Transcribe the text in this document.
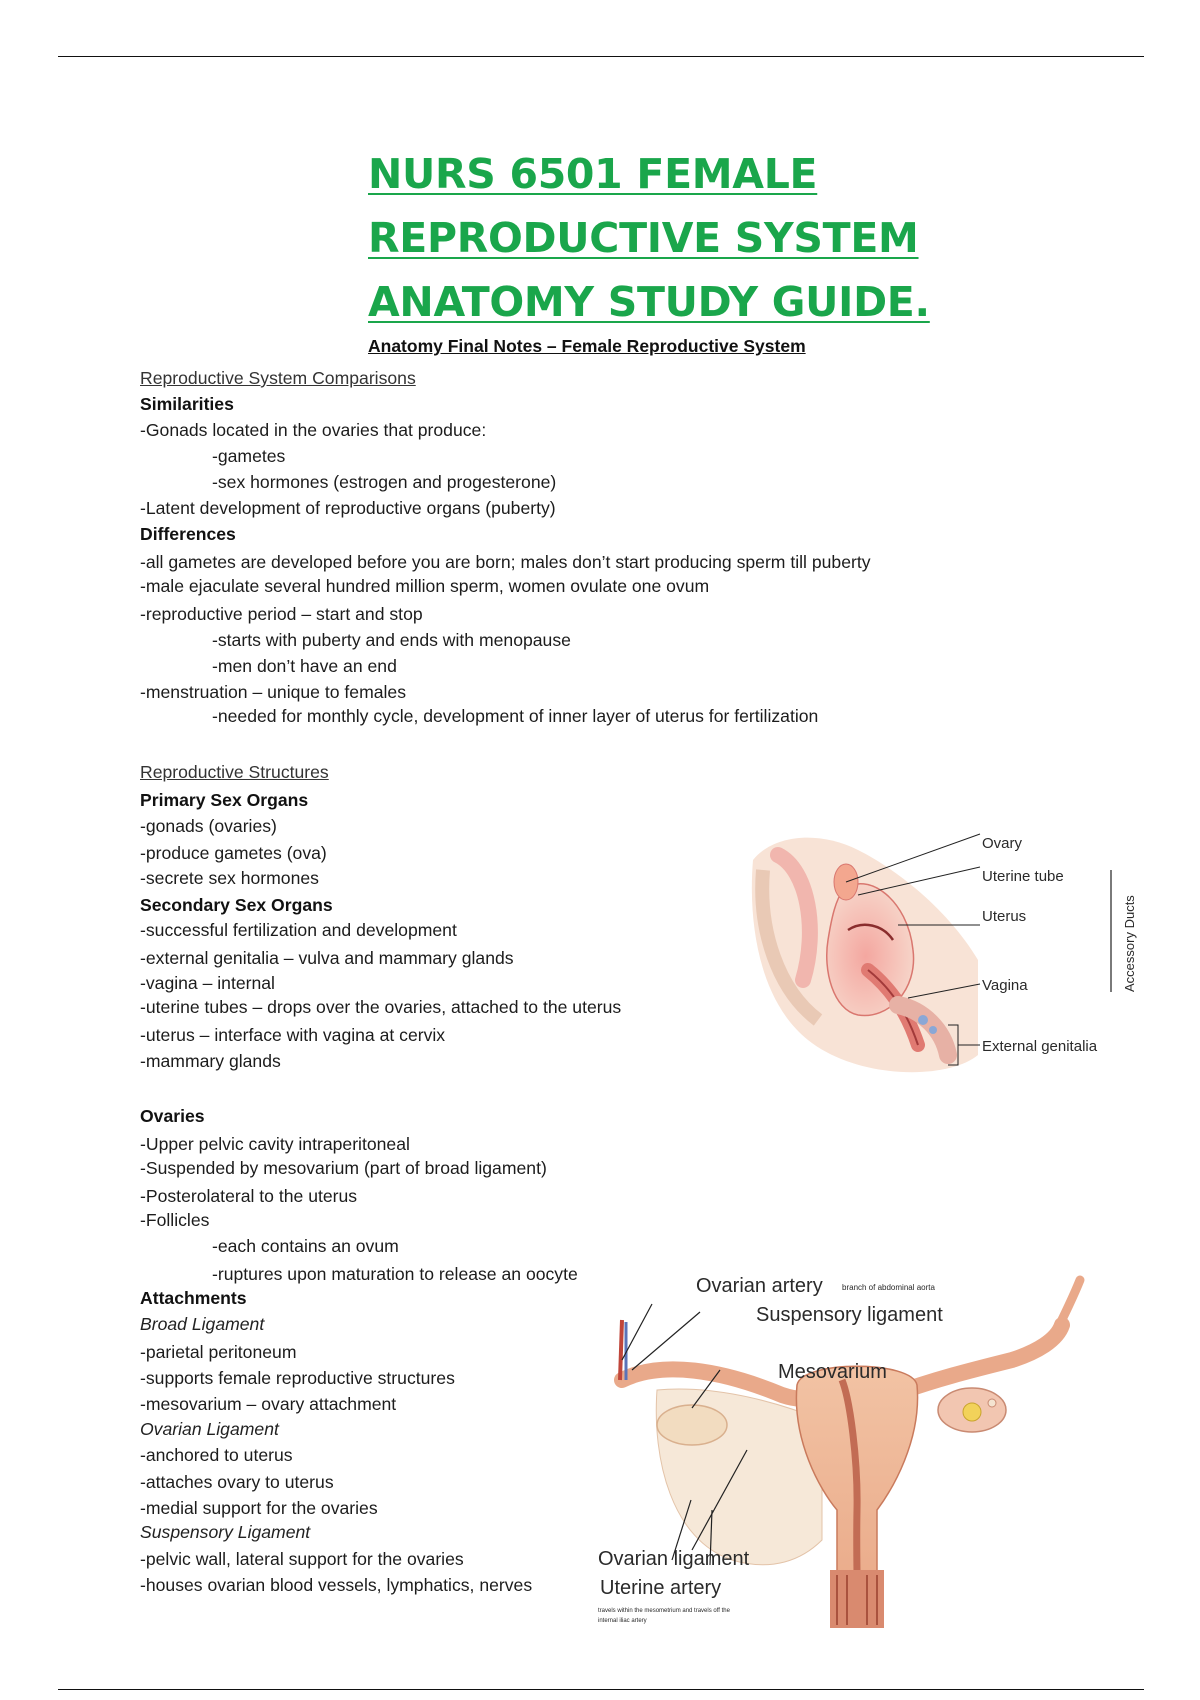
NURS 6501 FEMALE
REPRODUCTIVE SYSTEM
ANATOMY STUDY GUIDE.
Anatomy Final Notes – Female Reproductive System
Reproductive System Comparisons
Similarities
-Gonads located in the ovaries that produce:
-gametes
-sex hormones (estrogen and progesterone)
-Latent development of reproductive organs (puberty)
Differences
-all gametes are developed before you are born; males don’t start producing sperm till puberty
-male ejaculate several hundred million sperm, women ovulate one ovum
-reproductive period – start and stop
-starts with puberty and ends with menopause
-men don’t have an end
-menstruation – unique to females
-needed for monthly cycle, development of inner layer of uterus for fertilization
Reproductive Structures
Primary Sex Organs
-gonads (ovaries)
-produce gametes (ova)
-secrete sex hormones
Secondary Sex Organs
-successful fertilization and development
-external genitalia – vulva and mammary glands
-vagina – internal
-uterine tubes – drops over the ovaries, attached to the uterus
-uterus – interface with vagina at cervix
-mammary glands
Ovaries
-Upper pelvic cavity intraperitoneal
-Suspended by mesovarium (part of broad ligament)
-Posterolateral to the uterus
-Follicles
-each contains an ovum
-ruptures upon maturation to release an oocyte
Attachments
Broad Ligament
-parietal peritoneum
-supports female reproductive structures
-mesovarium – ovary attachment
Ovarian Ligament
-anchored to uterus
-attaches ovary to uterus
-medial support for the ovaries
Suspensory Ligament
-pelvic wall, lateral support for the ovaries
-houses ovarian blood vessels, lymphatics, nerves
Ovary
Uterine tube
Uterus
Vagina
External genitalia
Accessory Ducts
Ovarian artery branch of abdominal aorta
Suspensory ligament
Mesovarium
Ovarian ligament
Uterine artery
travels within the mesometrium and travels off the
internal iliac artery
